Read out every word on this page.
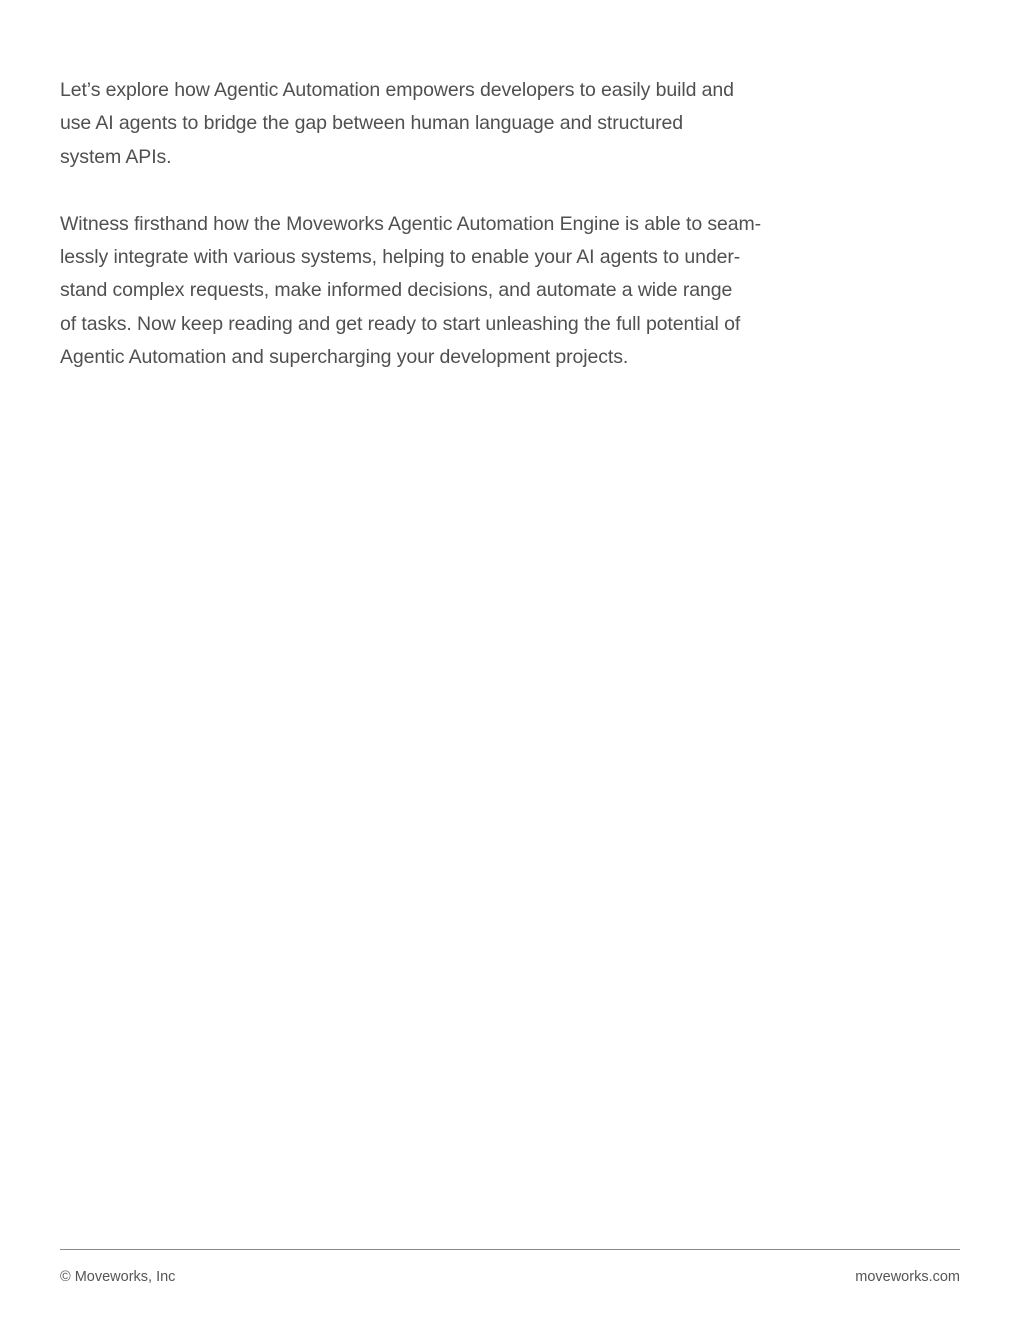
Let’s explore how Agentic Automation empowers developers to easily build and
use AI agents to bridge the gap between human language and structured
system APIs.

Witness firsthand how the Moveworks Agentic Automation Engine is able to seam-
lessly integrate with various systems, helping to enable your AI agents to under-
stand complex requests, make informed decisions, and automate a wide range
of tasks. Now keep reading and get ready to start unleashing the full potential of
Agentic Automation and supercharging your development projects.

© Moveworks, Inc	moveworks.com
